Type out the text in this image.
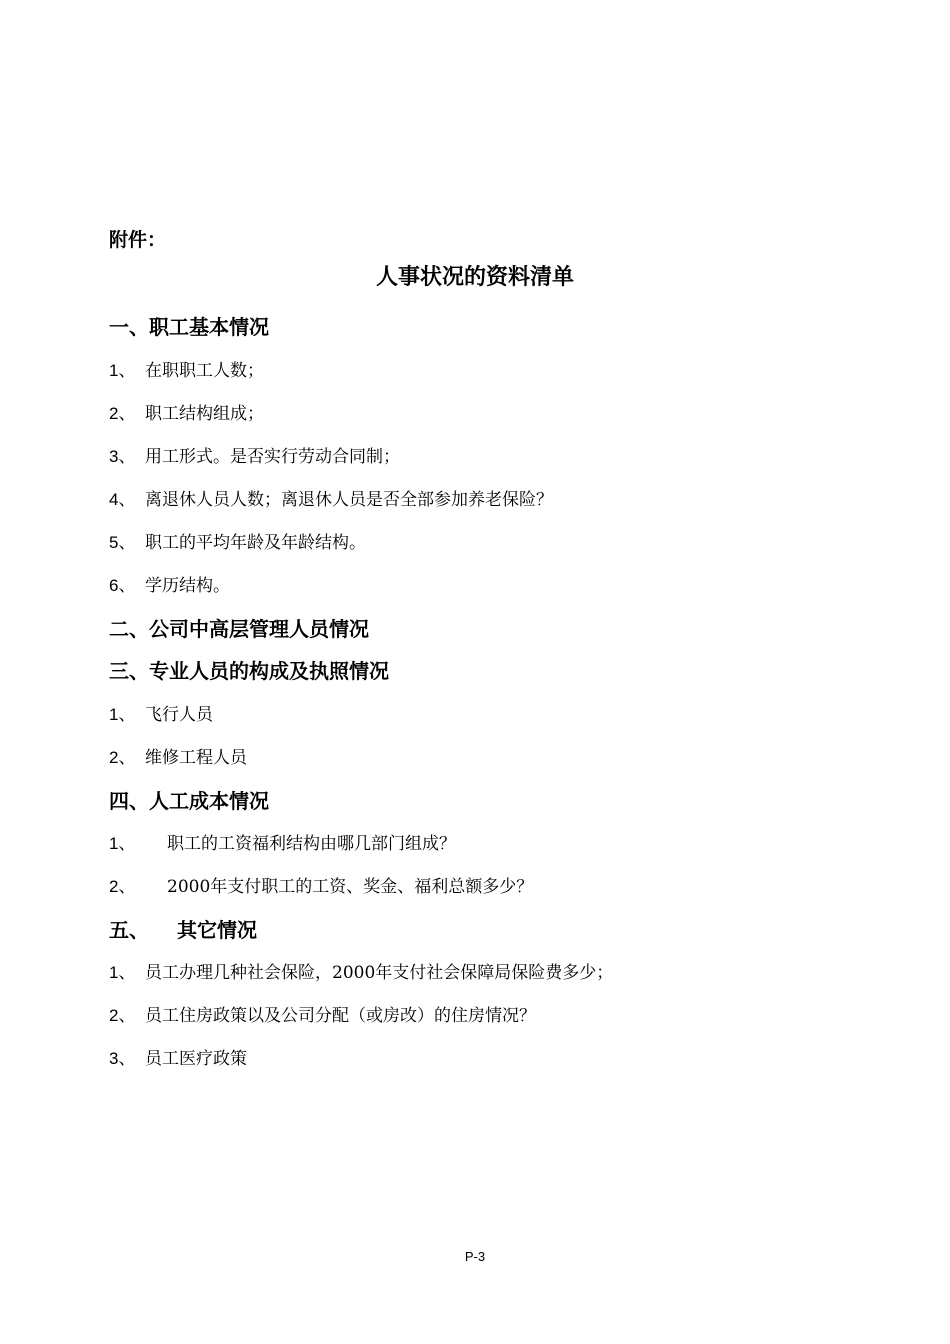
附件：
人事状况的资料清单
一、职工基本情况
1、 在职职工人数；
2、 职工结构组成；
3、 用工形式。是否实行劳动合同制；
4、 离退休人员人数；离退休人员是否全部参加养老保险？
5、 职工的平均年龄及年龄结构。
6、 学历结构。
二、公司中高层管理人员情况
三、专业人员的构成及执照情况
1、 飞行人员
2、 维修工程人员
四、人工成本情况
1、 职工的工资福利结构由哪几部门组成？
2、 2000年支付职工的工资、奖金、福利总额多少？
五、 其它情况
1、 员工办理几种社会保险，2000年支付社会保障局保险费多少；
2、 员工住房政策以及公司分配（或房改）的住房情况？
3、 员工医疗政策
P-3
